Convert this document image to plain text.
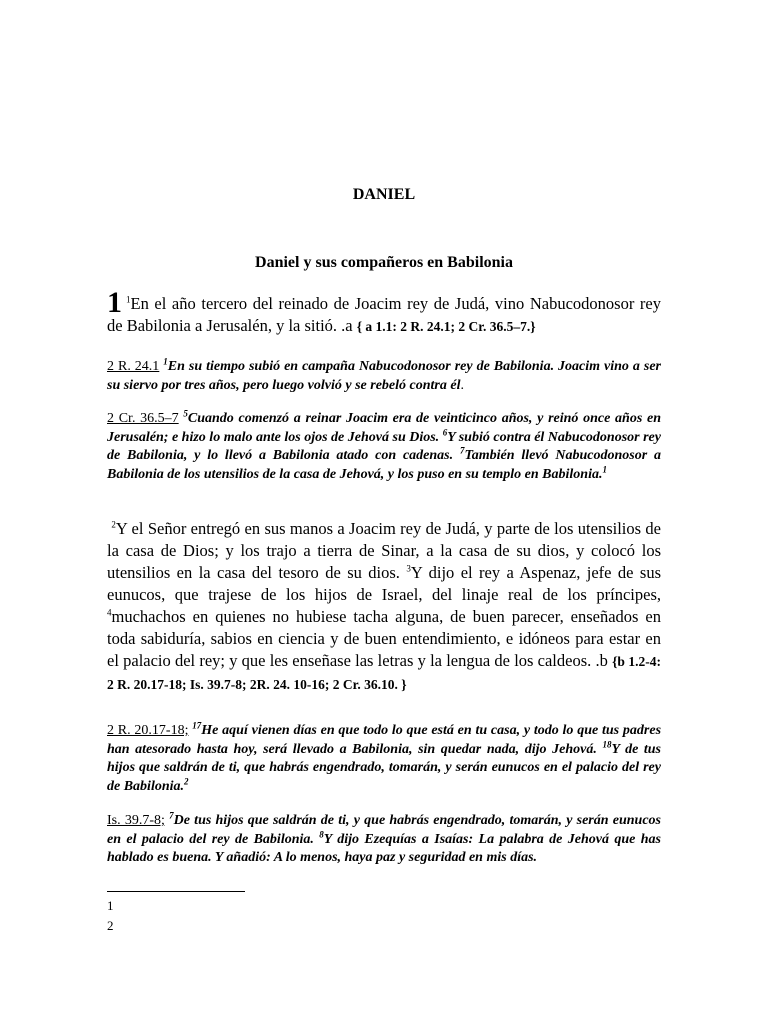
DANIEL
Daniel y sus compañeros en Babilonia
1 $^1$En el año tercero del reinado de Joacim rey de Judá, vino Nabucodonosor rey de Babilonia a Jerusalén, y la sitió. .a { a 1.1: 2 R. 24.1; 2 Cr. 36.5–7.}
2 R. 24.1 $^1$En su tiempo subió en campaña Nabucodonosor rey de Babilonia. Joacim vino a ser su siervo por tres años, pero luego volvió y se rebeló contra él.
2 Cr. 36.5–7 $^5$Cuando comenzó a reinar Joacim era de veinticinco años, y reinó once años en Jerusalén; e hizo lo malo ante los ojos de Jehová su Dios. $^6$Y subió contra él Nabucodonosor rey de Babilonia, y lo llevó a Babilonia atado con cadenas. $^7$También llevó Nabucodonosor a Babilonia de los utensilios de la casa de Jehová, y los puso en su templo en Babilonia.$^1$
$^2$Y el Señor entregó en sus manos a Joacim rey de Judá, y parte de los utensilios de la casa de Dios; y los trajo a tierra de Sinar, a la casa de su dios, y colocó los utensilios en la casa del tesoro de su dios. $^3$Y dijo el rey a Aspenaz, jefe de sus eunucos, que trajese de los hijos de Israel, del linaje real de los príncipes, $^4$muchachos en quienes no hubiese tacha alguna, de buen parecer, enseñados en toda sabiduría, sabios en ciencia y de buen entendimiento, e idóneos para estar en el palacio del rey; y que les enseñase las letras y la lengua de los caldeos. .b {b 1.2-4: 2 R. 20.17-18; Is. 39.7-8; 2R. 24. 10-16; 2 Cr. 36.10. }
2 R. 20.17-18; $^{17}$He aquí vienen días en que todo lo que está en tu casa, y todo lo que tus padres han atesorado hasta hoy, será llevado a Babilonia, sin quedar nada, dijo Jehová. $^{18}$Y de tus hijos que saldrán de ti, que habrás engendrado, tomarán, y serán eunucos en el palacio del rey de Babilonia.$^2$
Is. 39.7-8; $^7$De tus hijos que saldrán de ti, y que habrás engendrado, tomarán, y serán eunucos en el palacio del rey de Babilonia. $^8$Y dijo Ezequías a Isaías: La palabra de Jehová que has hablado es buena. Y añadió: A lo menos, haya paz y seguridad en mis días.
1
2
